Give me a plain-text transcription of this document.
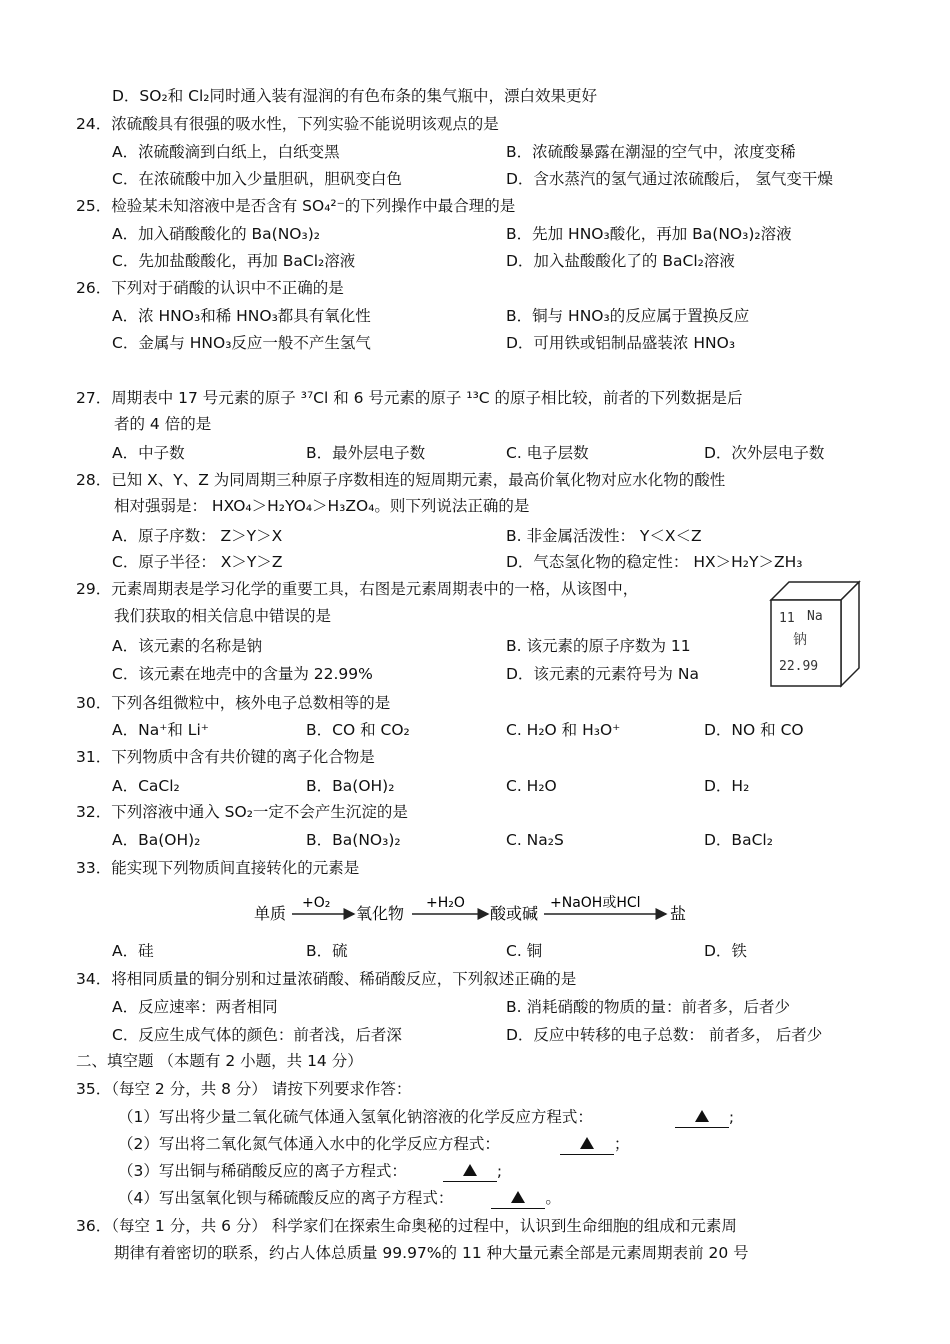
D．SO₂和 Cl₂同时通入装有湿润的有色布条的集气瓶中，漂白效果更好
24．浓硫酸具有很强的吸水性，下列实验不能说明该观点的是
A．浓硫酸滴到白纸上，白纸变黑	B．浓硫酸暴露在潮湿的空气中，浓度变稀
C．在浓硫酸中加入少量胆矾，胆矾变白色	D．含水蒸汽的氢气通过浓硫酸后， 氢气变干燥
25．检验某未知溶液中是否含有 SO₄²⁻的下列操作中最合理的是
A．加入硝酸酸化的 Ba(NO₃)₂	B．先加 HNO₃酸化，再加 Ba(NO₃)₂溶液
C．先加盐酸酸化，再加 BaCl₂溶液	D．加入盐酸酸化了的 BaCl₂溶液
26．下列对于硝酸的认识中不正确的是
A．浓 HNO₃和稀 HNO₃都具有氧化性	B．铜与 HNO₃的反应属于置换反应
C．金属与 HNO₃反应一般不产生氢气	D．可用铁或铝制品盛装浓 HNO₃
27．周期表中 17 号元素的原子 ³⁷Cl 和 6 号元素的原子 ¹³C 的原子相比较，前者的下列数据是后
者的 4 倍的是
A．中子数	B．最外层电子数	C. 电子层数	D．次外层电子数
28．已知 X、Y、Z 为同周期三种原子序数相连的短周期元素，最高价氧化物对应水化物的酸性
相对强弱是： HXO₄＞H₂YO₄＞H₃ZO₄。则下列说法正确的是
A．原子序数： Z＞Y＞X	B. 非金属活泼性： Y＜X＜Z
C．原子半径： X＞Y＞Z	D．气态氢化物的稳定性： HX＞H₂Y＞ZH₃
29．元素周期表是学习化学的重要工具，右图是元素周期表中的一格，从该图中，
我们获取的相关信息中错误的是
A．该元素的名称是钠	B. 该元素的原子序数为 11
C．该元素在地壳中的含量为 22.99%	D．该元素的元素符号为 Na
11 Na
钠
22.99
30．下列各组微粒中，核外电子总数相等的是
A．Na⁺和 Li⁺	B．CO 和 CO₂	C. H₂O 和 H₃O⁺	D．NO 和 CO
31．下列物质中含有共价键的离子化合物是
A．CaCl₂	B．Ba(OH)₂	C. H₂O	D．H₂
32．下列溶液中通入 SO₂一定不会产生沉淀的是
A．Ba(OH)₂	B．Ba(NO₃)₂	C. Na₂S	D．BaCl₂
33．能实现下列物质间直接转化的元素是
单质
+O₂
氧化物
+H₂O
酸或碱
+NaOH或HCl
盐
A．硅	B．硫	C. 铜	D．铁
34．将相同质量的铜分别和过量浓硝酸、稀硝酸反应，下列叙述正确的是
A．反应速率：两者相同	B. 消耗硝酸的物质的量：前者多，后者少
C．反应生成气体的颜色：前者浅，后者深	D．反应中转移的电子总数： 前者多， 后者少
二、填空题 （本题有 2 小题，共 14 分）
35．（每空 2 分，共 8 分） 请按下列要求作答：
（1）写出将少量二氧化硫气体通入氢氧化钠溶液的化学反应方程式：	;
（2）写出将二氧化氮气体通入水中的化学反应方程式：	；
（3）写出铜与稀硝酸反应的离子方程式：	;
（4）写出氢氧化钡与稀硫酸反应的离子方程式：	。
36．（每空 1 分，共 6 分） 科学家们在探索生命奥秘的过程中，认识到生命细胞的组成和元素周
期律有着密切的联系，约占人体总质量 99.97%的 11 种大量元素全部是元素周期表前 20 号
